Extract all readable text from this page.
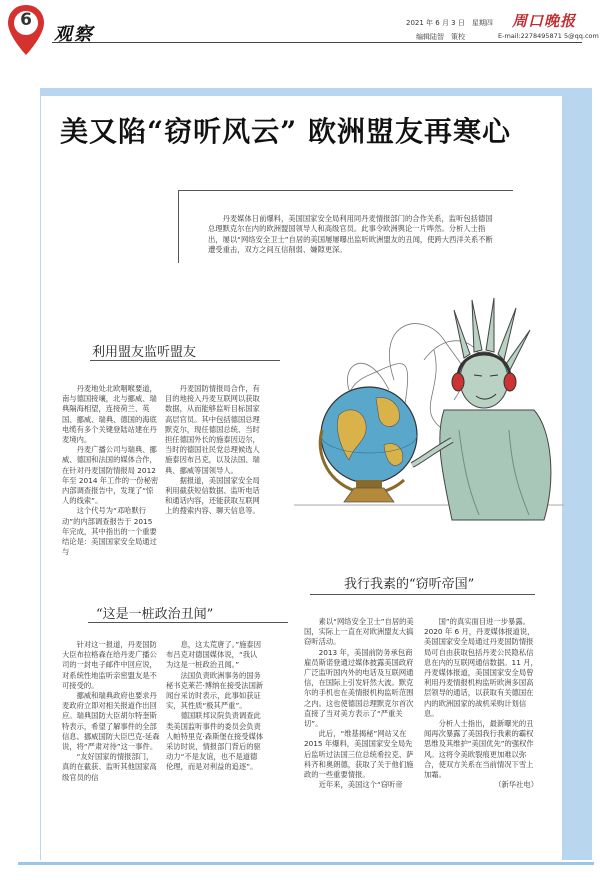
6
观察
2021 年 6 月 3 日　星期四 周口晚报
编辑陆智　策校	E-mail:2278495871 5@qq.com
美又陷“窃听风云” 欧洲盟友再寒心

丹麦媒体日前爆料，美国国家安全局利用同丹麦情报部门的合作关系，监听包括德国总理默克尔在内的欧洲盟国领导人和高级官员。此事令欧洲舆论一片哗然。分析人士指出，屡以“网络安全卫士”自居的美国屡屡曝出监听欧洲盟友的丑闻，使跨大西洋关系不断遭受重击，双方之间互信削弱、嫌隙更深。

利用盟友监听盟友

丹麦地处北欧咽喉要道，南与德国接壤，北与挪威、瑞典隔海相望，连接荷兰、英国、挪威、瑞典、德国的海底电缆有多个关键登陆站建在丹麦境内。

丹麦广播公司与瑞典、挪威、德国和法国的媒体合作，在针对丹麦国防情报局 2012 年至 2014 年工作的一份秘密内部调查报告中，发现了“惊人的线索”。

这个代号为“邓哈默行动”的内部调查报告于 2015 年完成，其中指出的一个重要结论是：美国国家安全局通过与

丹麦国防情报局合作，有目的地接入丹麦互联网以获取数据，从而能够监听目标国家高层官员。其中包括德国总理默克尔，现任德国总统、当时担任德国外长的施泰因迈尔，当时的德国社民党总理候选人施泰因布吕克，以及法国、瑞典、挪威等国领导人。

据报道，美国国家安全局利用截获短信数据、监听电话和通话内容，还能获取互联网上的搜索内容、聊天信息等。

“这是一桩政治丑闻”

针对这一报道，丹麦国防大臣布拉格森在给丹麦广播公司的一封电子邮件中回应说，对系统性地监听亲密盟友是不可接受的。

挪威和瑞典政府也要求丹麦政府立即对相关报道作出回应。瑞典国防大臣胡尔特奎斯特表示，希望了解事件的全部信息。挪威国防大臣巴克-延森说，将“严肃对待”这一事件。

“友好国家的情报部门，真的在截获、监听其他国家高级官员的信

息，这太荒唐了。”施泰因布吕克对德国媒体说，“我认为这是一桩政治丑闻。”

法国负责欧洲事务的国务秘书克莱芒·博纳在接受法国新闻台采访时表示，此事如获证实，其性质“极其严重”。

德国联邦议院负责调查此类美国监听事件的委员会负责人帕特里克·森斯堡在接受媒体采访时说，情报部门背后的驱动力“不是友谊，也不是道德伦理，而是对利益的追逐”。

我行我素的“窃听帝国”

素以“网络安全卫士”自居的美国，实际上一直在对欧洲盟友大搞窃听活动。

2013 年，美国前防务承包商雇员斯诺登通过媒体披露美国政府广泛监听国内外的电话及互联网通信，在国际上引发轩然大波。默克尔的手机也在美情报机构监听范围之内。这也使德国总理默克尔首次直接了当对美方表示了“严重关切”。

此后，“维基揭秘”网站又在 2015 年爆料，美国国家安全局先后监听过法国三位总统希拉克、萨科齐和奥朗德，获取了关于他们施政的一些重要情报。

近年来，美国这个“窃听帝

国”的真实面目进一步暴露。2020 年 6 月，丹麦媒体报道说，美国国家安全局通过丹麦国防情报局可自由获取包括丹麦公民隐私信息在内的互联网通信数据。11 月，丹麦媒体报道，美国国家安全局曾利用丹麦情报机构监听欧洲多国高层领导的通话，以获取有关德国在内的欧洲国家的战机采购计划信息。

分析人士指出，最新曝光的丑闻再次暴露了美国我行我素的霸权思维及其维护“美国优先”的强权作风。这将令美欧裂痕更加难以弥合，使双方关系在当前情况下雪上加霜。

（新华社电）
